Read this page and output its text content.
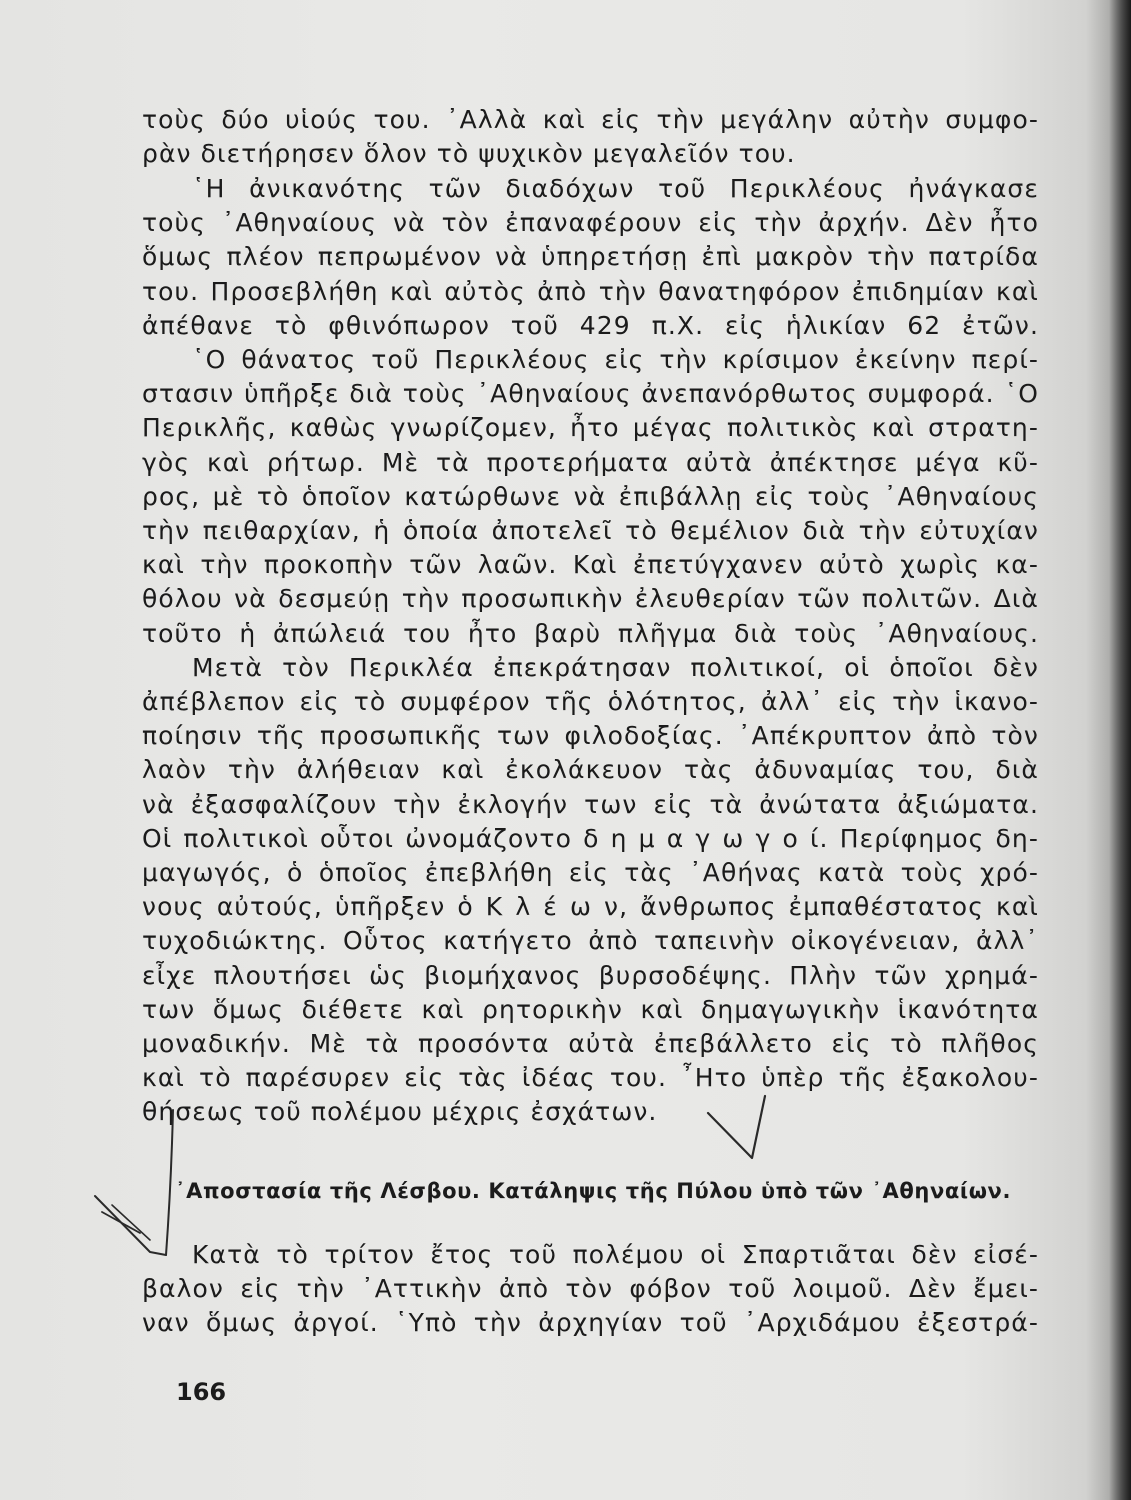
τοὺς δύο υἱούς του. ᾿Αλλὰ καὶ εἰς τὴν μεγάλην αὐτὴν συμφο-
ρὰν διετήρησεν ὅλον τὸ ψυχικὸν μεγαλεῖόν του.
῾Η ἀνικανότης τῶν διαδόχων τοῦ Περικλέους ἠνάγκασε
τοὺς ᾿Αθηναίους νὰ τὸν ἐπαναφέρουν εἰς τὴν ἀρχήν. Δὲν ἦτο
ὅμως πλέον πεπρωμένον νὰ ὑπηρετήσῃ ἐπὶ μακρὸν τὴν πατρίδα
του. Προσεβλήθη καὶ αὐτὸς ἀπὸ τὴν θανατηφόρον ἐπιδημίαν καὶ
ἀπέθανε τὸ φθινόπωρον τοῦ 429 π.Χ. εἰς ἡλικίαν 62 ἐτῶν.
῾Ο θάνατος τοῦ Περικλέους εἰς τὴν κρίσιμον ἐκείνην περί-
στασιν ὑπῆρξε διὰ τοὺς ᾿Αθηναίους ἀνεπανόρθωτος συμφορά. ῾Ο
Περικλῆς, καθὼς γνωρίζομεν, ἦτο μέγας πολιτικὸς καὶ στρατη-
γὸς καὶ ρήτωρ. Μὲ τὰ προτερήματα αὐτὰ ἀπέκτησε μέγα κῦ-
ρος, μὲ τὸ ὁποῖον κατώρθωνε νὰ ἐπιβάλλῃ εἰς τοὺς ᾿Αθηναίους
τὴν πειθαρχίαν, ἡ ὁποία ἀποτελεῖ τὸ θεμέλιον διὰ τὴν εὐτυχίαν
καὶ τὴν προκοπὴν τῶν λαῶν. Καὶ ἐπετύγχανεν αὐτὸ χωρὶς κα-
θόλου νὰ δεσμεύῃ τὴν προσωπικὴν ἐλευθερίαν τῶν πολιτῶν. Διὰ
τοῦτο ἡ ἀπώλειά του ἦτο βαρὺ πλῆγμα διὰ τοὺς ᾿Αθηναίους.
Μετὰ τὸν Περικλέα ἐπεκράτησαν πολιτικοί, οἱ ὁποῖοι δὲν
ἀπέβλεπον εἰς τὸ συμφέρον τῆς ὁλότητος, ἀλλ᾿ εἰς τὴν ἱκανο-
ποίησιν τῆς προσωπικῆς των φιλοδοξίας. ᾿Απέκρυπτον ἀπὸ τὸν
λαὸν τὴν ἀλήθειαν καὶ ἐκολάκευον τὰς ἀδυναμίας του, διὰ
νὰ ἐξασφαλίζουν τὴν ἐκλογήν των εἰς τὰ ἀνώτατα ἀξιώματα.
Οἱ πολιτικοὶ οὗτοι ὠνομάζοντο δ η μ α γ ω γ ο ί. Περίφημος δη-
μαγωγός, ὁ ὁποῖος ἐπεβλήθη εἰς τὰς ᾿Αθήνας κατὰ τοὺς χρό-
νους αὐτούς, ὑπῆρξεν ὁ Κ λ έ ω ν, ἄνθρωπος ἐμπαθέστατος καὶ
τυχοδιώκτης. Οὗτος κατήγετο ἀπὸ ταπεινὴν οἰκογένειαν, ἀλλ᾿
εἶχε πλουτήσει ὡς βιομήχανος βυρσοδέψης. Πλὴν τῶν χρημά-
των ὅμως διέθετε καὶ ρητορικὴν καὶ δημαγωγικὴν ἱκανότητα
μοναδικήν. Μὲ τὰ προσόντα αὐτὰ ἐπεβάλλετο εἰς τὸ πλῆθος
καὶ τὸ παρέσυρεν εἰς τὰς ἰδέας του. ῏Ητο ὑπὲρ τῆς ἐξακολου-
θήσεως τοῦ πολέμου μέχρις ἐσχάτων.
᾿Αποστασία τῆς Λέσβου. Κατάληψις τῆς Πύλου ὑπὸ τῶν ᾿Αθηναίων.
Κατὰ τὸ τρίτον ἔτος τοῦ πολέμου οἱ Σπαρτιᾶται δὲν εἰσέ-
βαλον εἰς τὴν ᾿Αττικὴν ἀπὸ τὸν φόβον τοῦ λοιμοῦ. Δὲν ἔμει-
ναν ὅμως ἀργοί. ῾Υπὸ τὴν ἀρχηγίαν τοῦ ᾿Αρχιδάμου ἐξεστρά-
166
